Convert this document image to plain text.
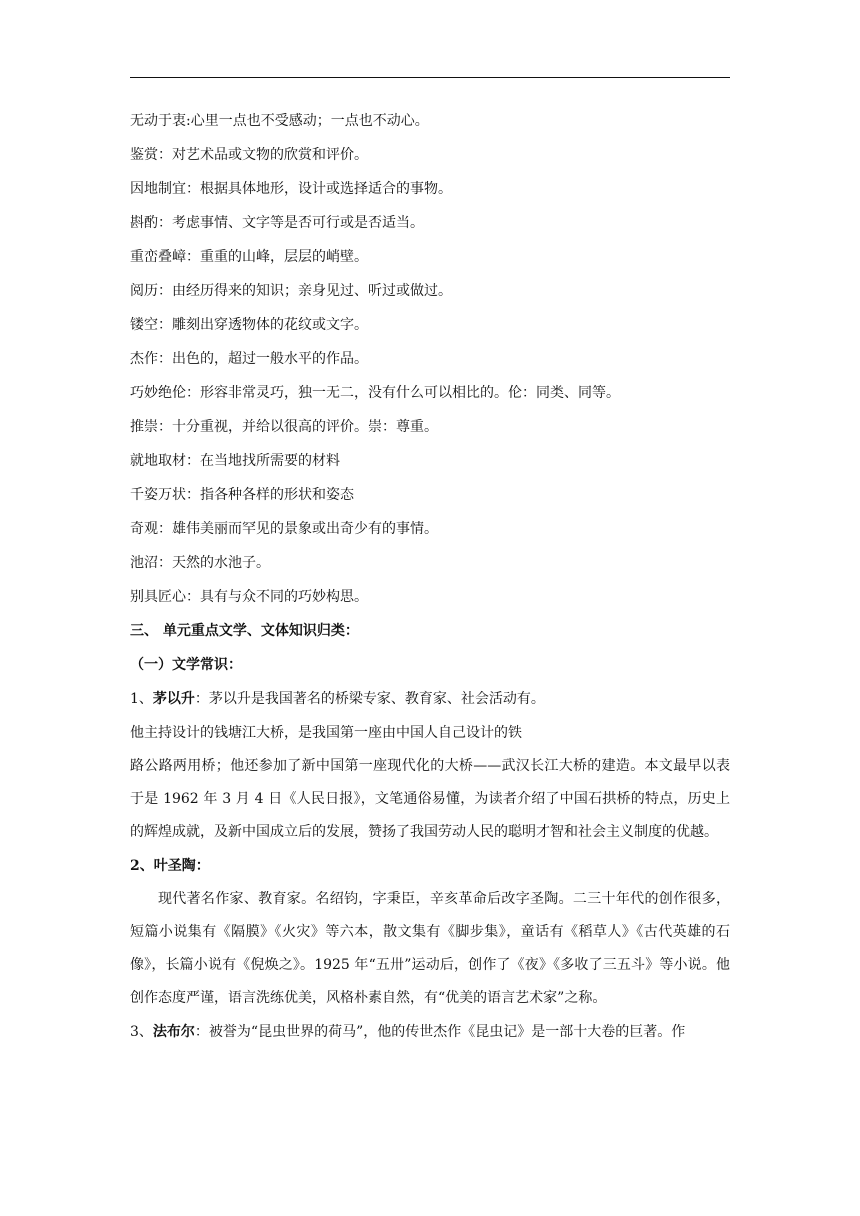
无动于衷:心里一点也不受感动；一点也不动心。

鉴赏：对艺术品或文物的欣赏和评价。

因地制宜：根据具体地形，设计或选择适合的事物。

斟酌：考虑事情、文字等是否可行或是否适当。

重峦叠嶂：重重的山峰，层层的峭壁。

阅历：由经历得来的知识；亲身见过、听过或做过。

镂空：雕刻出穿透物体的花纹或文字。

杰作：出色的，超过一般水平的作品。

巧妙绝伦：形容非常灵巧，独一无二，没有什么可以相比的。伦：同类、同等。

推崇：十分重视，并给以很高的评价。崇：尊重。

就地取材：在当地找所需要的材料

千姿万状：指各种各样的形状和姿态

奇观：雄伟美丽而罕见的景象或出奇少有的事情。

池沼：天然的水池子。

别具匠心：具有与众不同的巧妙构思。

三、 单元重点文学、文体知识归类：

（一）文学常识：

1、茅以升：茅以升是我国著名的桥梁专家、教育家、社会活动有。

他主持设计的钱塘江大桥，是我国第一座由中国人自己设计的铁

路公路两用桥；他还参加了新中国第一座现代化的大桥——武汉长江大桥的建造。本文最早以表于是 1962 年 3 月 4 日《人民日报》，文笔通俗易懂，为读者介绍了中国石拱桥的特点，历史上的辉煌成就，及新中国成立后的发展，赞扬了我国劳动人民的聪明才智和社会主义制度的优越。

2、叶圣陶：

现代著名作家、教育家。名绍钧，字秉臣，辛亥革命后改字圣陶。二三十年代的创作很多，短篇小说集有《隔膜》《火灾》等六本，散文集有《脚步集》，童话有《稻草人》《古代英雄的石像》，长篇小说有《倪焕之》。1925 年“五卅”运动后，创作了《夜》《多收了三五斗》等小说。他创作态度严谨，语言洗练优美，风格朴素自然，有“优美的语言艺术家”之称。

3、法布尔：被誉为“昆虫世界的荷马”，他的传世杰作《昆虫记》是一部十大卷的巨著。作
